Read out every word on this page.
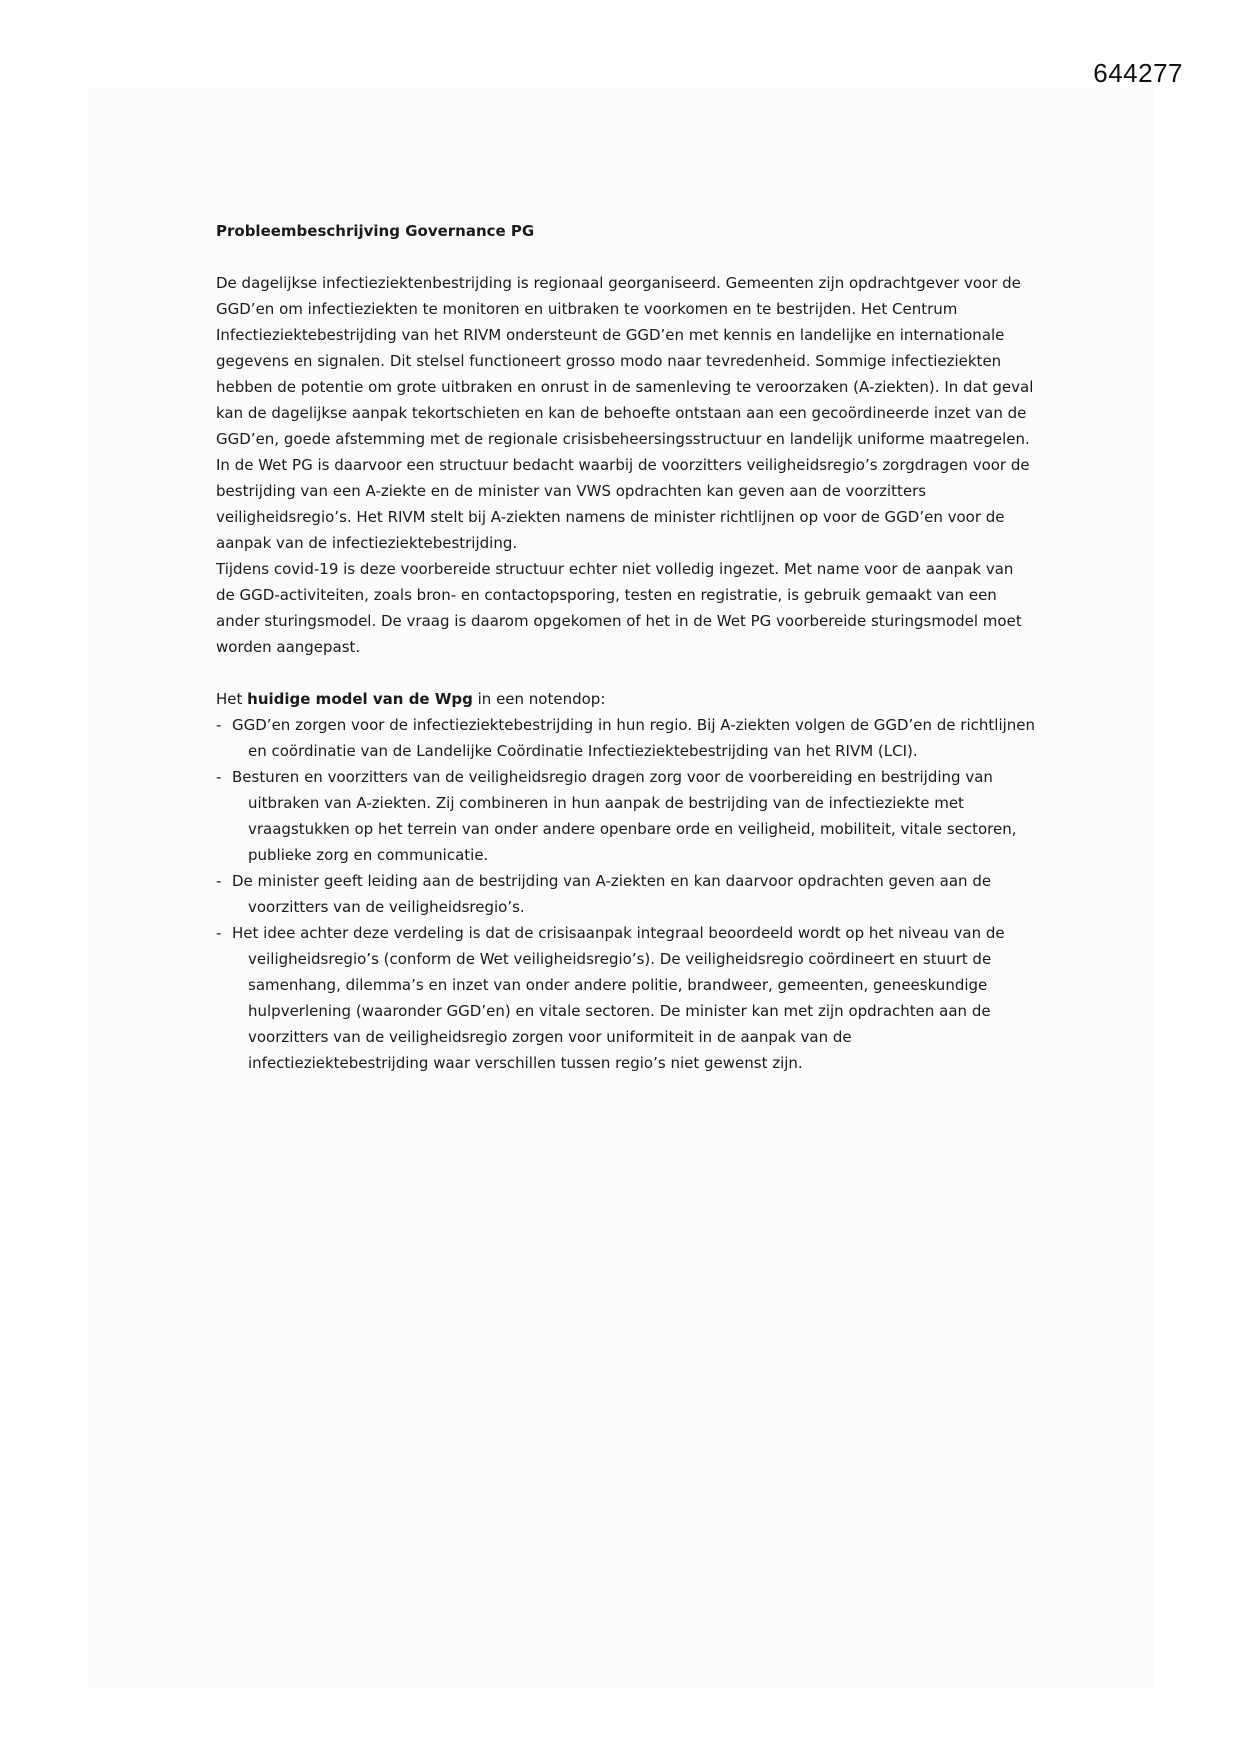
644277

Probleembeschrijving Governance PG

De dagelijkse infectieziektenbestrijding is regionaal georganiseerd. Gemeenten zijn opdrachtgever voor de GGD’en om infectieziekten te monitoren en uitbraken te voorkomen en te bestrijden. Het Centrum Infectieziektebestrijding van het RIVM ondersteunt de GGD’en met kennis en landelijke en internationale gegevens en signalen. Dit stelsel functioneert grosso modo naar tevredenheid. Sommige infectieziekten hebben de potentie om grote uitbraken en onrust in de samenleving te veroorzaken (A-ziekten). In dat geval kan de dagelijkse aanpak tekortschieten en kan de behoefte ontstaan aan een gecoördineerde inzet van de GGD’en, goede afstemming met de regionale crisisbeheersingsstructuur en landelijk uniforme maatregelen. In de Wet PG is daarvoor een structuur bedacht waarbij de voorzitters veiligheidsregio’s zorgdragen voor de bestrijding van een A-ziekte en de minister van VWS opdrachten kan geven aan de voorzitters veiligheidsregio’s. Het RIVM stelt bij A-ziekten namens de minister richtlijnen op voor de GGD’en voor de aanpak van de infectieziektebestrijding.

Tijdens covid-19 is deze voorbereide structuur echter niet volledig ingezet. Met name voor de aanpak van de GGD-activiteiten, zoals bron- en contactopsporing, testen en registratie, is gebruik gemaakt van een ander sturingsmodel. De vraag is daarom opgekomen of het in de Wet PG voorbereide sturingsmodel moet worden aangepast.

Het huidige model van de Wpg in een notendop:

- GGD’en zorgen voor de infectieziektebestrijding in hun regio. Bij A-ziekten volgen de GGD’en de richtlijnen en coördinatie van de Landelijke Coördinatie Infectieziektebestrijding van het RIVM (LCI).
- Besturen en voorzitters van de veiligheidsregio dragen zorg voor de voorbereiding en bestrijding van uitbraken van A-ziekten. Zij combineren in hun aanpak de bestrijding van de infectieziekte met vraagstukken op het terrein van onder andere openbare orde en veiligheid, mobiliteit, vitale sectoren, publieke zorg en communicatie.
- De minister geeft leiding aan de bestrijding van A-ziekten en kan daarvoor opdrachten geven aan de voorzitters van de veiligheidsregio’s.
- Het idee achter deze verdeling is dat de crisisaanpak integraal beoordeeld wordt op het niveau van de veiligheidsregio’s (conform de Wet veiligheidsregio’s). De veiligheidsregio coördineert en stuurt de samenhang, dilemma’s en inzet van onder andere politie, brandweer, gemeenten, geneeskundige hulpverlening (waaronder GGD’en) en vitale sectoren. De minister kan met zijn opdrachten aan de voorzitters van de veiligheidsregio zorgen voor uniformiteit in de aanpak van de infectieziektebestrijding waar verschillen tussen regio’s niet gewenst zijn.
